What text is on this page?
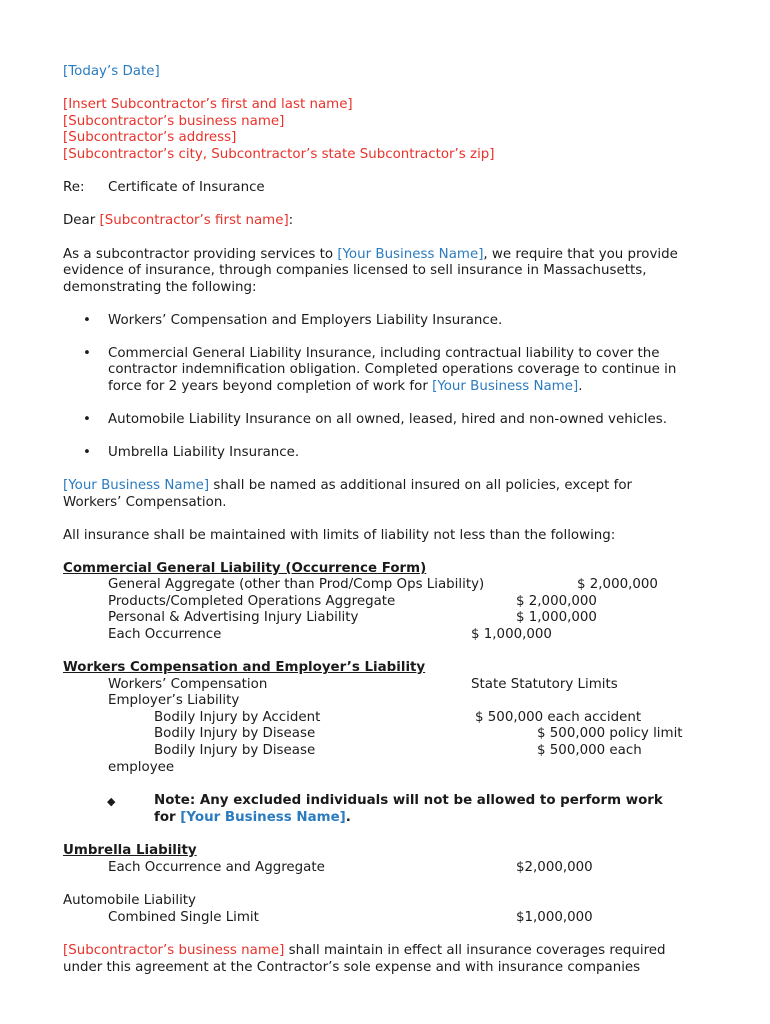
[Today’s Date]
[Insert Subcontractor’s first and last name]
[Subcontractor’s business name]
[Subcontractor’s address]
[Subcontractor’s city, Subcontractor’s state Subcontractor’s zip]
Re: Certificate of Insurance
Dear [Subcontractor’s first name]:
As a subcontractor providing services to [Your Business Name], we require that you provide
evidence of insurance, through companies licensed to sell insurance in Massachusetts,
demonstrating the following:
• Workers’ Compensation and Employers Liability Insurance.
• Commercial General Liability Insurance, including contractual liability to cover the
contractor indemnification obligation. Completed operations coverage to continue in
force for 2 years beyond completion of work for [Your Business Name].
• Automobile Liability Insurance on all owned, leased, hired and non-owned vehicles.
• Umbrella Liability Insurance.
[Your Business Name] shall be named as additional insured on all policies, except for
Workers’ Compensation.
All insurance shall be maintained with limits of liability not less than the following:
Commercial General Liability (Occurrence Form)
General Aggregate (other than Prod/Comp Ops Liability)	$ 2,000,000
Products/Completed Operations Aggregate	$ 2,000,000
Personal & Advertising Injury Liability	$ 1,000,000
Each Occurrence	$ 1,000,000
Workers Compensation and Employer’s Liability
Workers’ Compensation	State Statutory Limits
Employer’s Liability
Bodily Injury by Accident	$ 500,000 each accident
Bodily Injury by Disease	$ 500,000 policy limit
Bodily Injury by Disease	$ 500,000 each
employee
◆	Note: Any excluded individuals will not be allowed to perform work
for [Your Business Name].
Umbrella Liability
Each Occurrence and Aggregate	$2,000,000
Automobile Liability
Combined Single Limit	$1,000,000
[Subcontractor’s business name] shall maintain in effect all insurance coverages required
under this agreement at the Contractor’s sole expense and with insurance companies
